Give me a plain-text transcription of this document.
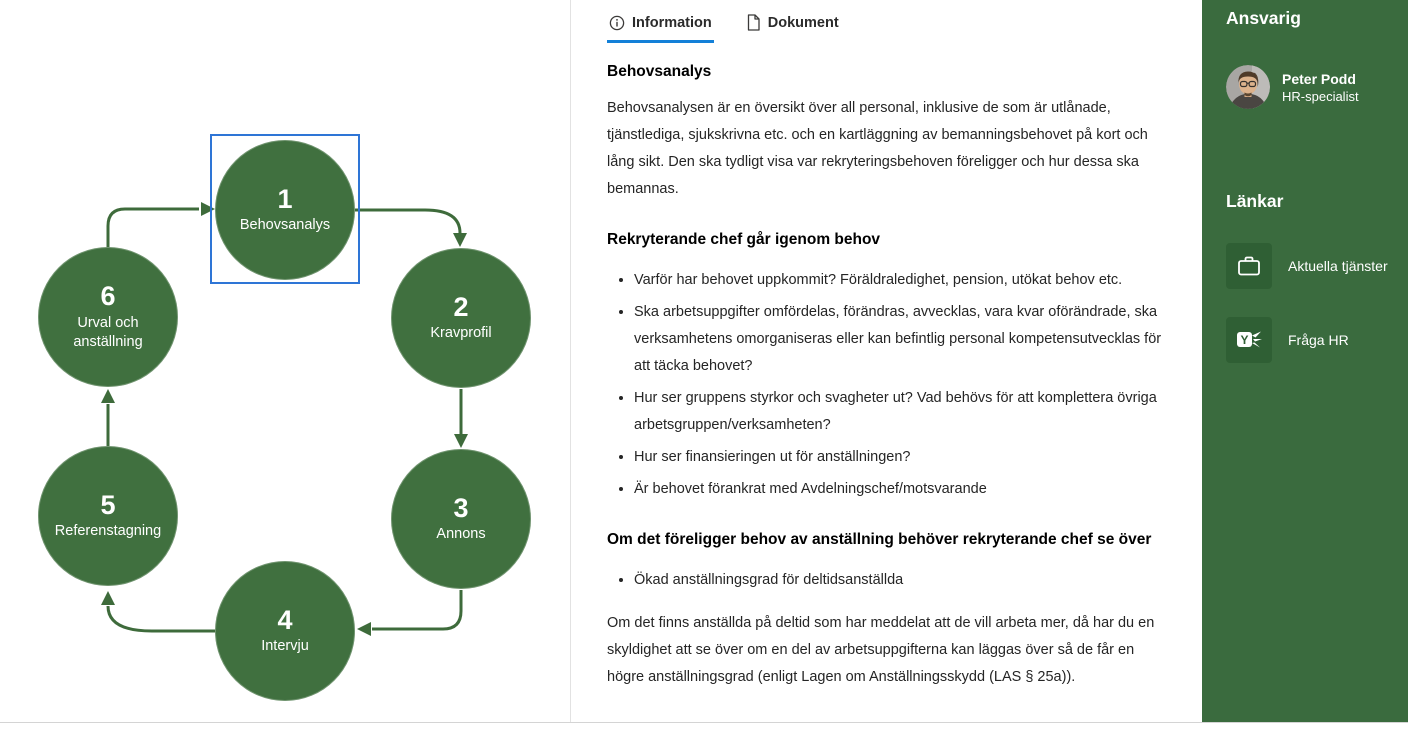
1
Behovsanalys
2
Kravprofil
3
Annons
4
Intervju
5
Referenstagning
6
Urval och anställning
Information	Dokument
Behovsanalys

Behovsanalysen är en översikt över all personal, inklusive de som är utlånade, tjänstlediga, sjukskrivna etc. och en kartläggning av bemanningsbehovet på kort och lång sikt. Den ska tydligt visa var rekryteringsbehoven föreligger och hur dessa ska bemannas.

Rekryterande chef går igenom behov
• Varför har behovet uppkommit? Föräldraledighet, pension, utökat behov etc.
• Ska arbetsuppgifter omfördelas, förändras, avvecklas, vara kvar oförändrade, ska verksamhetens omorganiseras eller kan befintlig personal kompetensutvecklas för att täcka behovet?
• Hur ser gruppens styrkor och svagheter ut? Vad behövs för att komplettera övriga arbetsgruppen/verksamheten?
• Hur ser finansieringen ut för anställningen?
• Är behovet förankrat med Avdelningschef/motsvarande
Om det föreligger behov av anställning behöver rekryterande chef se över
• Ökad anställningsgrad för deltidsanställda

Om det finns anställda på deltid som har meddelat att de vill arbeta mer, då har du en skyldighet att se över om en del av arbetsuppgifterna kan läggas över så de får en högre anställningsgrad (enligt Lagen om Anställningsskydd (LAS § 25a)).

Ansvarig
Peter Podd
HR-specialist
Länkar
Aktuella tjänster
Y	Fråga HR
